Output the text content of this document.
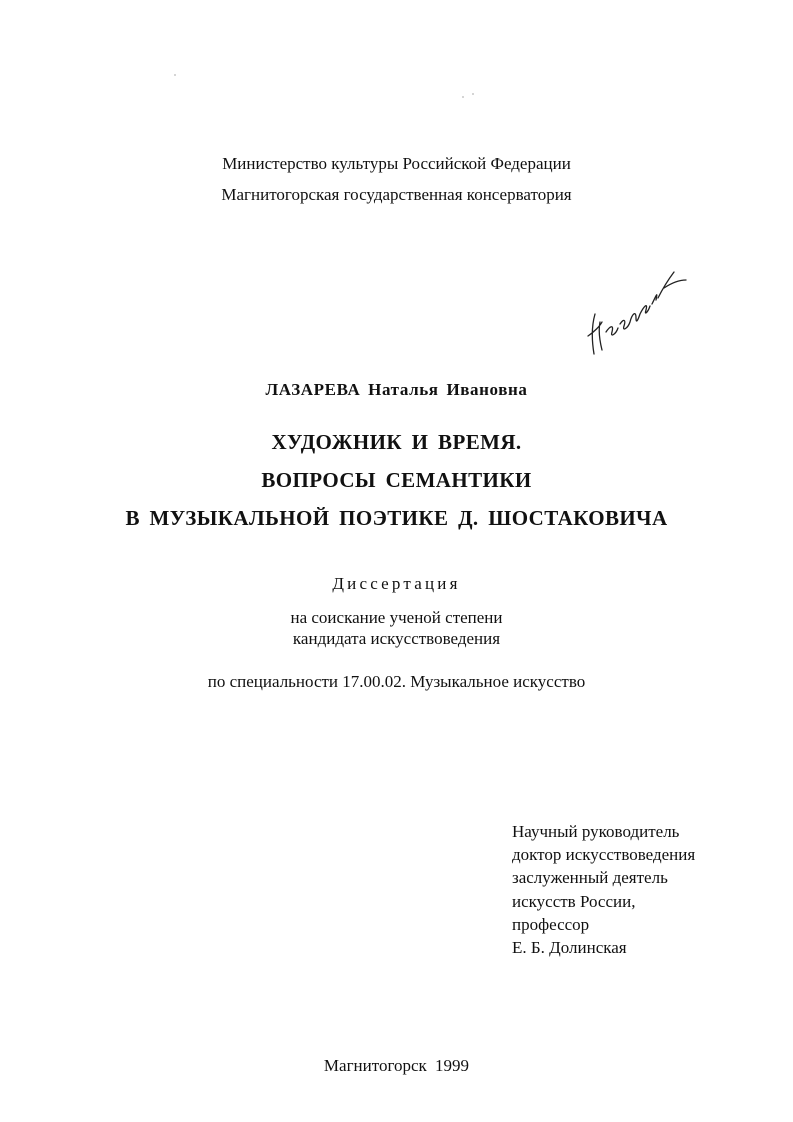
Министерство культуры Российской Федерации
Магнитогорская государственная консерватория
ЛАЗАРЕВА Наталья Ивановна
ХУДОЖНИК И ВРЕМЯ.
ВОПРОСЫ СЕМАНТИКИ
В МУЗЫКАЛЬНОЙ ПОЭТИКЕ Д. ШОСТАКОВИЧА
Диссертация
на соискание ученой степени
кандидата искусствоведения
по специальности 17.00.02. Музыкальное искусство
Научный руководитель
доктор искусствоведения
заслуженный деятель
искусств России,
профессор
Е. Б. Долинская
Магнитогорск 1999
